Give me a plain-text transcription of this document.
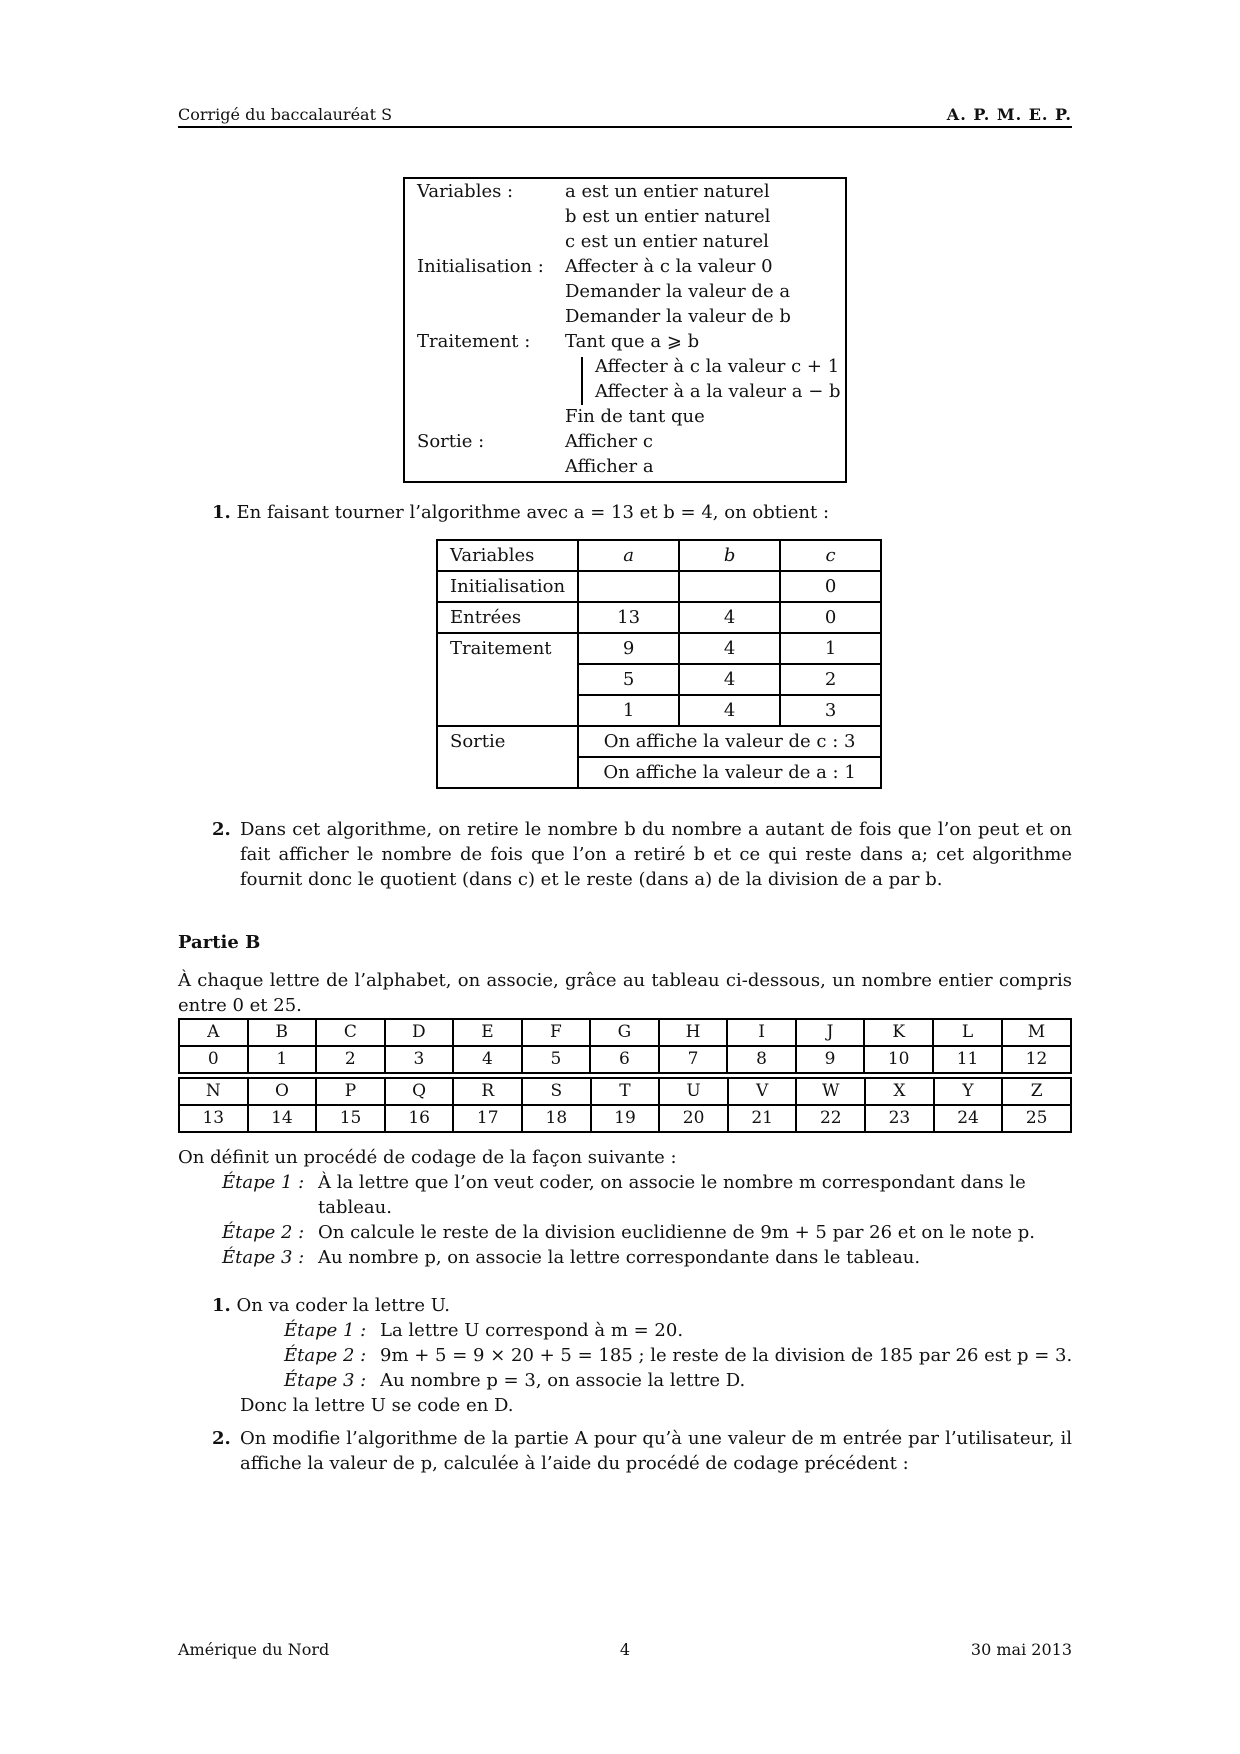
Corrigé du baccalauréat S	A. P. M. E. P.
Variables :	a est un entier naturel
b est un entier naturel
c est un entier naturel
Initialisation : Affecter à c la valeur 0
Demander la valeur de a
Demander la valeur de b
Traitement : Tant que a ⩾ b
Affecter à c la valeur c + 1
Affecter à a la valeur a − b
Fin de tant que
Sortie :	Afficher c
Afficher a
1. En faisant tourner l’algorithme avec a = 13 et b = 4, on obtient :
Variables	a	b	c
Initialisation			0
Entrées	13	4	0
Traitement	9	4	1
	5	4	2
	1	4	3
Sortie	On affiche la valeur de c : 3		
	On affiche la valeur de a : 1		
2. Dans cet algorithme, on retire le nombre b du nombre a autant de fois que l’on peut et on fait afficher le nombre de fois que l’on a retiré b et ce qui reste dans a; cet algorithme fournit donc le quotient (dans c) et le reste (dans a) de la division de a par b.
Partie B
À chaque lettre de l’alphabet, on associe, grâce au tableau ci-dessous, un nombre entier compris entre 0 et 25.
A	B	C	D	E	F	G	H	I	J	K	L	M
0	1	2	3	4	5	6	7	8	9	10	11	12
N	O	P	Q	R	S	T	U	V	W	X	Y	Z
13	14	15	16	17	18	19	20	21	22	23	24	25
On définit un procédé de codage de la façon suivante :
Étape 1 : À la lettre que l’on veut coder, on associe le nombre m correspondant dans le
tableau.
Étape 2 : On calcule le reste de la division euclidienne de 9m + 5 par 26 et on le note p.
Étape 3 : Au nombre p, on associe la lettre correspondante dans le tableau.
1. On va coder la lettre U.
Étape 1 : La lettre U correspond à m = 20.
Étape 2 : 9m + 5 = 9 × 20 + 5 = 185 ; le reste de la division de 185 par 26 est p = 3.
Étape 3 : Au nombre p = 3, on associe la lettre D.
Donc la lettre U se code en D.
2. On modifie l’algorithme de la partie A pour qu’à une valeur de m entrée par l’utilisateur, il affiche la valeur de p, calculée à l’aide du procédé de codage précédent :
Amérique du Nord	4	30 mai 2013
